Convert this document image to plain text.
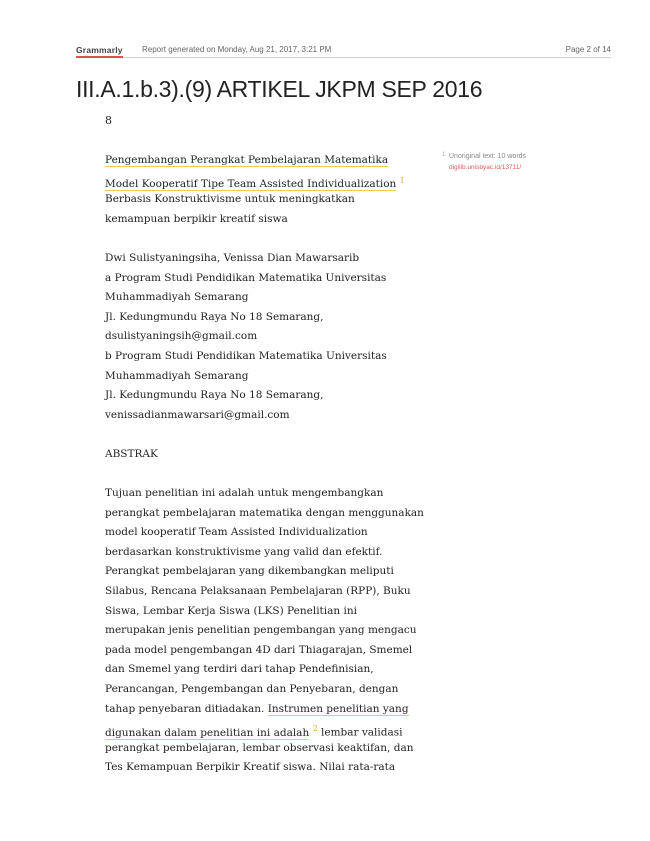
Grammarly Report generated on Monday, Aug 21, 2017, 3:21 PM	Page 2 of 14
III.A.1.b.3).(9) ARTIKEL JKPM SEP 2016
8
1 Unoriginal text: 10 words
digilib.unisbyac.id/13711/
Pengembangan Perangkat Pembelajaran Matematika
Model Kooperatif Tipe Team Assisted Individualization $^1$
Berbasis Konstruktivisme untuk meningkatkan
kemampuan berpikir kreatif siswa
Dwi Sulistyaningsiha, Venissa Dian Mawarsarib
a Program Studi Pendidikan Matematika Universitas
Muhammadiyah Semarang
Jl. Kedungmundu Raya No 18 Semarang,
dsulistyaningsih@gmail.com
b Program Studi Pendidikan Matematika Universitas
Muhammadiyah Semarang
Jl. Kedungmundu Raya No 18 Semarang,
venissadianmawarsari@gmail.com
ABSTRAK
Tujuan penelitian ini adalah untuk mengembangkan
perangkat pembelajaran matematika dengan menggunakan
model kooperatif Team Assisted Individualization
berdasarkan konstruktivisme yang valid dan efektif.
Perangkat pembelajaran yang dikembangkan meliputi
Silabus, Rencana Pelaksanaan Pembelajaran (RPP), Buku
Siswa, Lembar Kerja Siswa (LKS) Penelitian ini
merupakan jenis penelitian pengembangan yang mengacu
pada model pengembangan 4D dari Thiagarajan, Smemel
dan Smemel yang terdiri dari tahap Pendefinisian,
Perancangan, Pengembangan dan Penyebaran, dengan
tahap penyebaran ditiadakan. Instrumen penelitian yang
digunakan dalam penelitian ini adalah $^2$ lembar validasi
perangkat pembelajaran, lembar observasi keaktifan, dan
Tes Kemampuan Berpikir Kreatif siswa. Nilai rata-rata
